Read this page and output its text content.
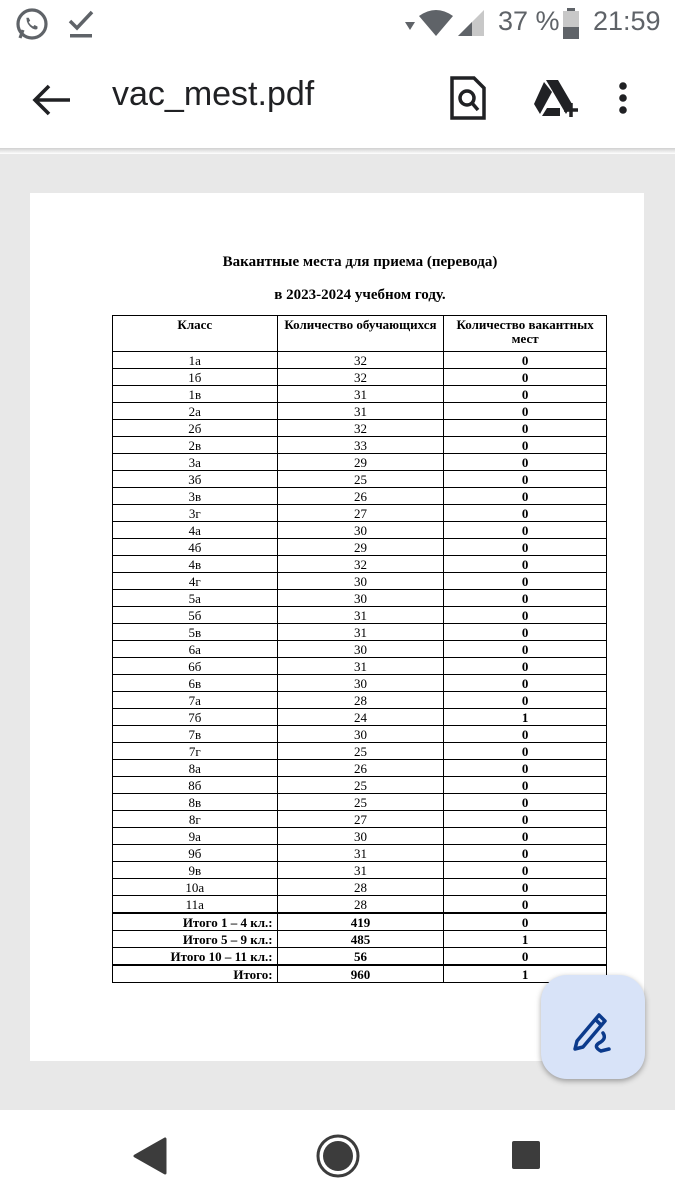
37 % 21:59
vac_mest.pdf
Вакантные места для приема (перевода)
в 2023-2024 учебном году.
Класс	Количество обучающихся	Количество вакантных мест
1а	32	0
1б	32	0
1в	31	0
2а	31	0
2б	32	0
2в	33	0
3а	29	0
3б	25	0
3в	26	0
3г	27	0
4а	30	0
4б	29	0
4в	32	0
4г	30	0
5а	30	0
5б	31	0
5в	31	0
6а	30	0
6б	31	0
6в	30	0
7а	28	0
7б	24	1
7в	30	0
7г	25	0
8а	26	0
8б	25	0
8в	25	0
8г	27	0
9а	30	0
9б	31	0
9в	31	0
10а	28	0
11а	28	0
Итого 1 – 4 кл.:	419	0
Итого 5 – 9 кл.:	485	1
Итого 10 – 11 кл.:	56	0
Итого:	960	1
